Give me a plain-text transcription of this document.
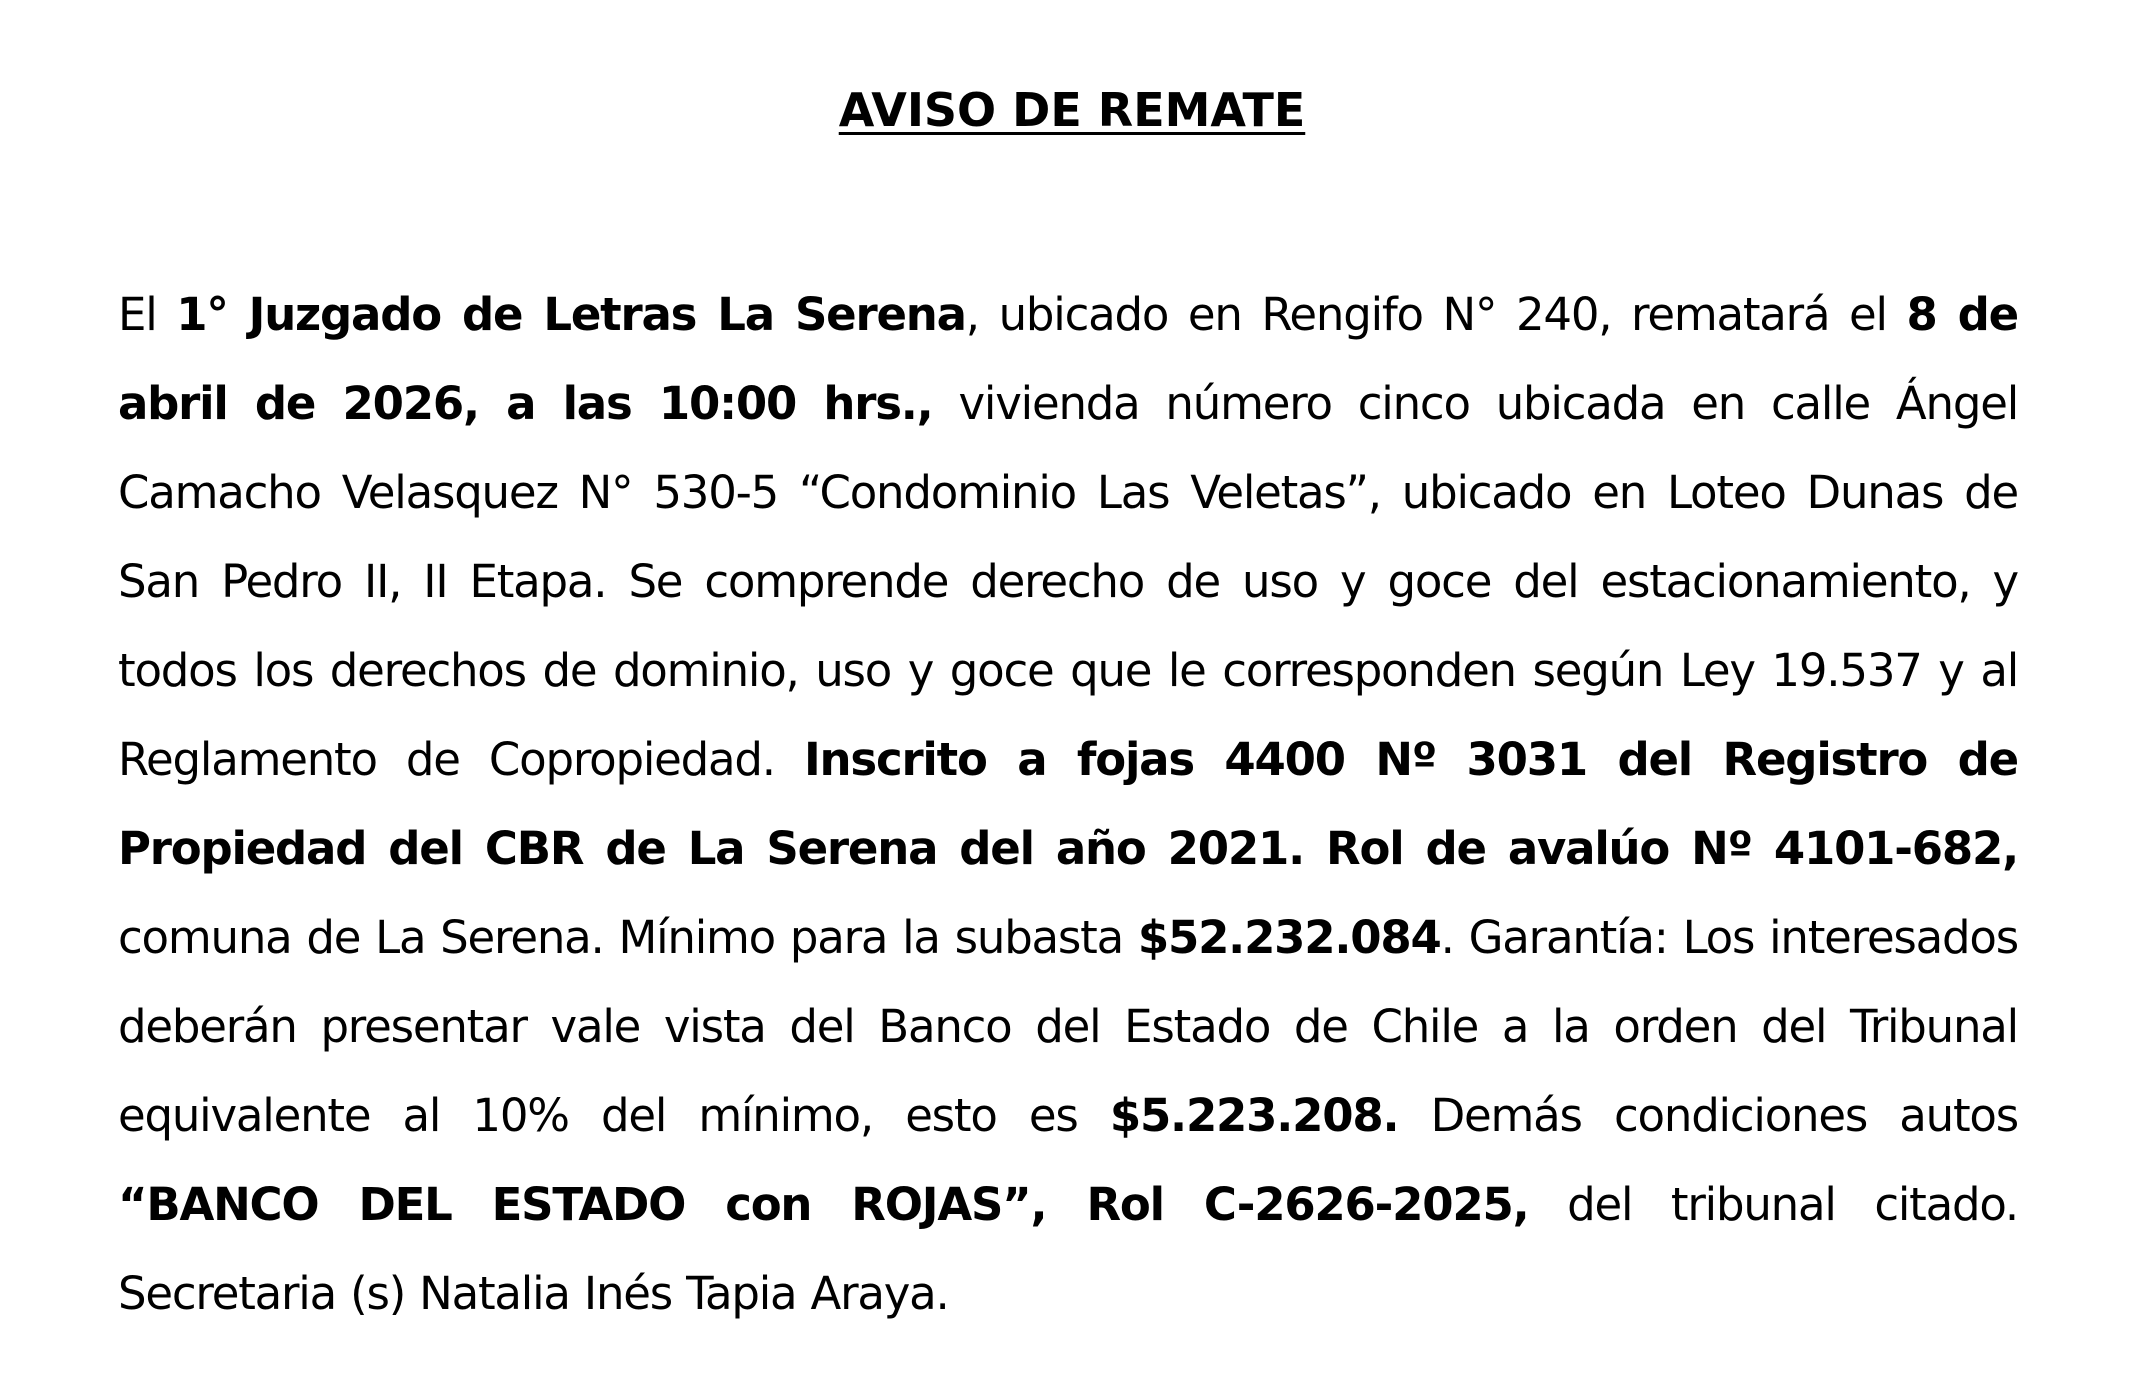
AVISO DE REMATE
El 1° Juzgado de Letras La Serena, ubicado en Rengifo N° 240, rematará el 8 de abril de 2026, a las 10:00 hrs., vivienda número cinco ubicada en calle Ángel Camacho Velasquez N° 530-5 “Condominio Las Veletas”, ubicado en Loteo Dunas de San Pedro II, II Etapa. Se comprende derecho de uso y goce del estacionamiento, y todos los derechos de dominio, uso y goce que le corresponden según Ley 19.537 y al Reglamento de Copropiedad. Inscrito a fojas 4400 Nº 3031 del Registro de Propiedad del CBR de La Serena del año 2021. Rol de avalúo Nº 4101-682, comuna de La Serena. Mínimo para la subasta $52.232.084. Garantía: Los interesados deberán presentar vale vista del Banco del Estado de Chile a la orden del Tribunal equivalente al 10% del mínimo, esto es $5.223.208. Demás condiciones autos “BANCO DEL ESTADO con ROJAS”, Rol C-2626-2025, del tribunal citado. Secretaria (s) Natalia Inés Tapia Araya.
